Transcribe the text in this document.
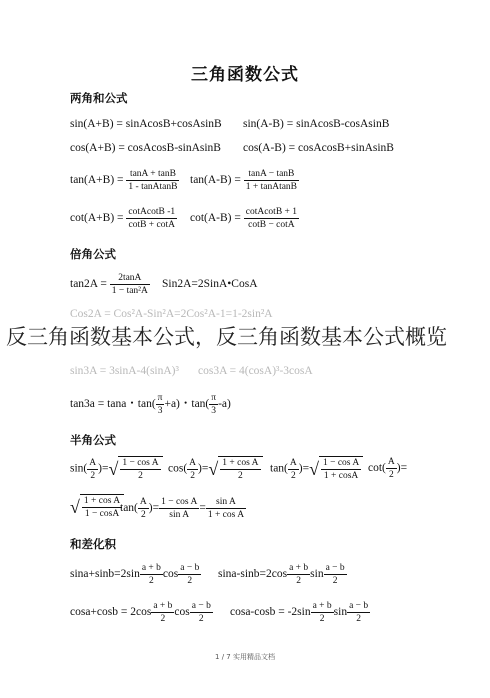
三角函数公式
两角和公式
sin(A+B) = sinAcosB+cosAsinB sin(A-B) = sinAcosB-cosAsinB
cos(A+B) = cosAcosB-sinAsinB cos(A-B) = cosAcosB+sinAsinB
$\tan(A+B) = \frac{\tan A + \tan B}{\text{1 - tanAtanB}} \tan(A-B) = \frac{\tan A - \tan B}{\text{1 + tanAtanB}}$
$\cot(A+B) = \frac{\text{cotAcotB -1}}{\cot B + \cot A} \cot(A-B) = \frac{\text{cotAcotB + 1}}{\cot B - \cot A}$
倍角公式
$\tan 2A = \frac{2\tan A}{\text{1 − tan²A}}$ Sin2A=2SinA•CosA
Cos2A = Cos²A-Sin²A=2Cos²A-1=1-2sin²A
sin3A = 3sinA-4(sinA)³ cos3A = 4(cosA)³-3cosA
tan3a = tana・$\tan( \frac{\pi}{3} +a)$・$\tan( \frac{\pi}{3} -a)$
半角公式
$\sin( \frac{A}{2}$ )=√ $\frac{\text{1 − cos A}}{2} \cos( \frac{A}{2}$ )=√ $\frac{\text{1 + cos A}}{2} \tan( \frac{A}{2}$ )=√ $\frac{\text{1 − cos A}}{1 + \cos A} \cot( \frac{A}{2}$ )=
√ $\frac{\text{1 + cos A}}{1 - \cos A}$
$\tan( \frac{A}{2}$ )= $\frac{\text{1 − cos A}}{\text{sin A}} = \frac{\text{sin A}}{\text{1 + cos A}}$
和差化积
$\sin a+\sin b=2\sin \frac{a + b}{2}$ $\cos \frac{a - b}{2} \sin a-\sin b=2\cos \frac{a + b}{2}$ $\sin \frac{a - b}{2}$
$\cos a+\cos b = 2\cos \frac{a + b}{2}$ $\cos \frac{a - b}{2} \cos a-\cos b = -2\sin \frac{a + b}{2}$ $\sin \frac{a - b}{2}$
1 / 7 实用精品文档
反三角函数基本公式，反三角函数基本公式概览
